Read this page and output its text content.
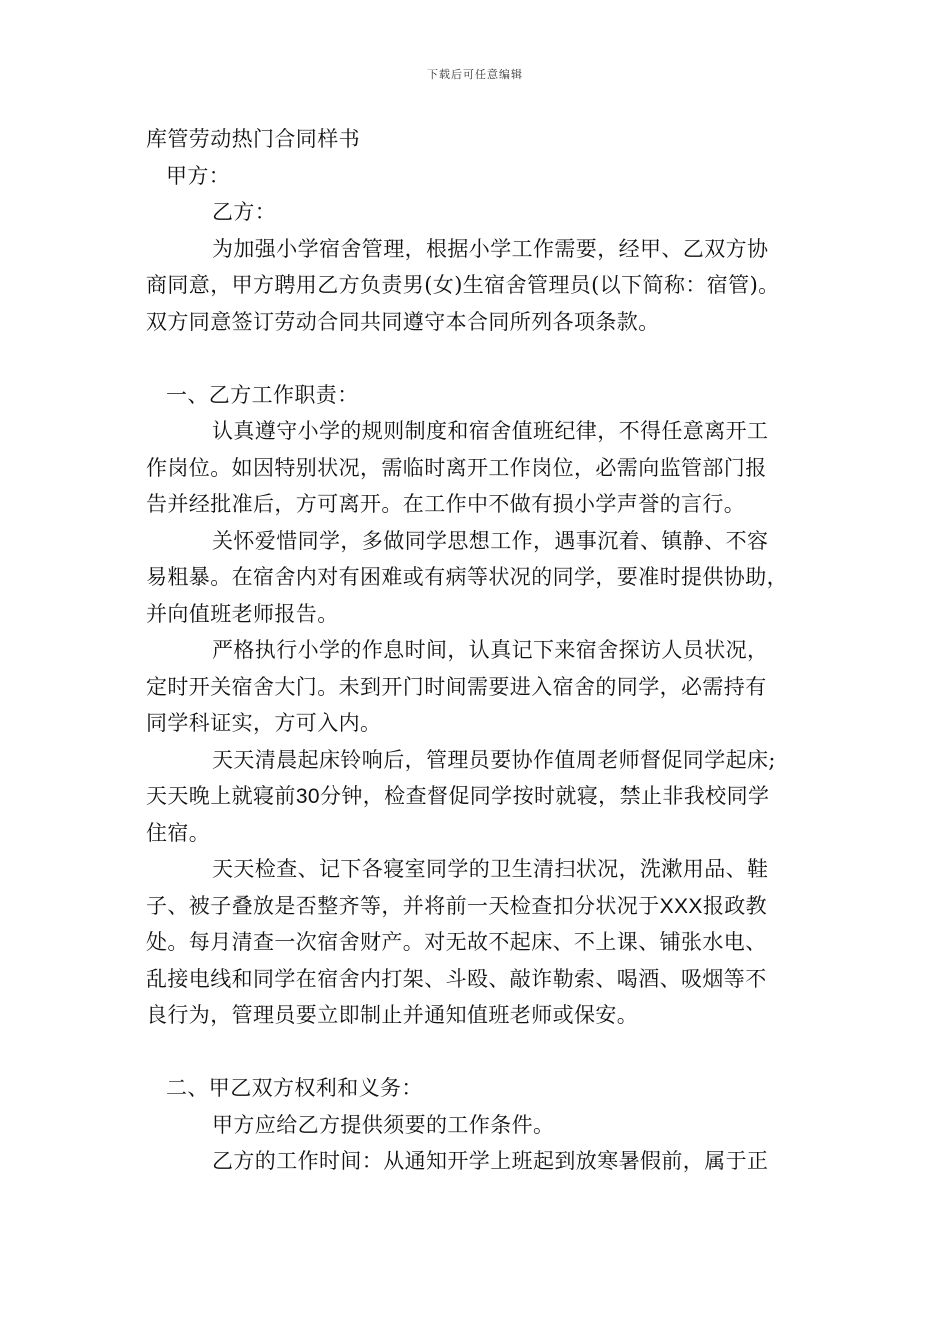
下载后可任意编辑
库管劳动热门合同样书
甲方：
乙方：
为加强小学宿舍管理，根据小学工作需要，经甲、乙双方协
商同意，甲方聘用乙方负责男(女)生宿舍管理员(以下简称：宿管)。
双方同意签订劳动合同共同遵守本合同所列各项条款。
一、乙方工作职责：
认真遵守小学的规则制度和宿舍值班纪律，不得任意离开工
作岗位。如因特别状况，需临时离开工作岗位，必需向监管部门报
告并经批准后，方可离开。在工作中不做有损小学声誉的言行。
关怀爱惜同学，多做同学思想工作，遇事沉着、镇静、不容
易粗暴。在宿舍内对有困难或有病等状况的同学，要准时提供协助，
并向值班老师报告。
严格执行小学的作息时间，认真记下来宿舍探访人员状况，
定时开关宿舍大门。未到开门时间需要进入宿舍的同学，必需持有
同学科证实，方可入内。
天天清晨起床铃响后，管理员要协作值周老师督促同学起床;
天天晚上就寝前30分钟，检查督促同学按时就寝，禁止非我校同学
住宿。
天天检查、记下各寝室同学的卫生清扫状况，洗漱用品、鞋
子、被子叠放是否整齐等，并将前一天检查扣分状况于XXX报政教
处。每月清查一次宿舍财产。对无故不起床、不上课、铺张水电、
乱接电线和同学在宿舍内打架、斗殴、敲诈勒索、喝酒、吸烟等不
良行为，管理员要立即制止并通知值班老师或保安。
二、甲乙双方权利和义务：
甲方应给乙方提供须要的工作条件。
乙方的工作时间：从通知开学上班起到放寒暑假前，属于正
